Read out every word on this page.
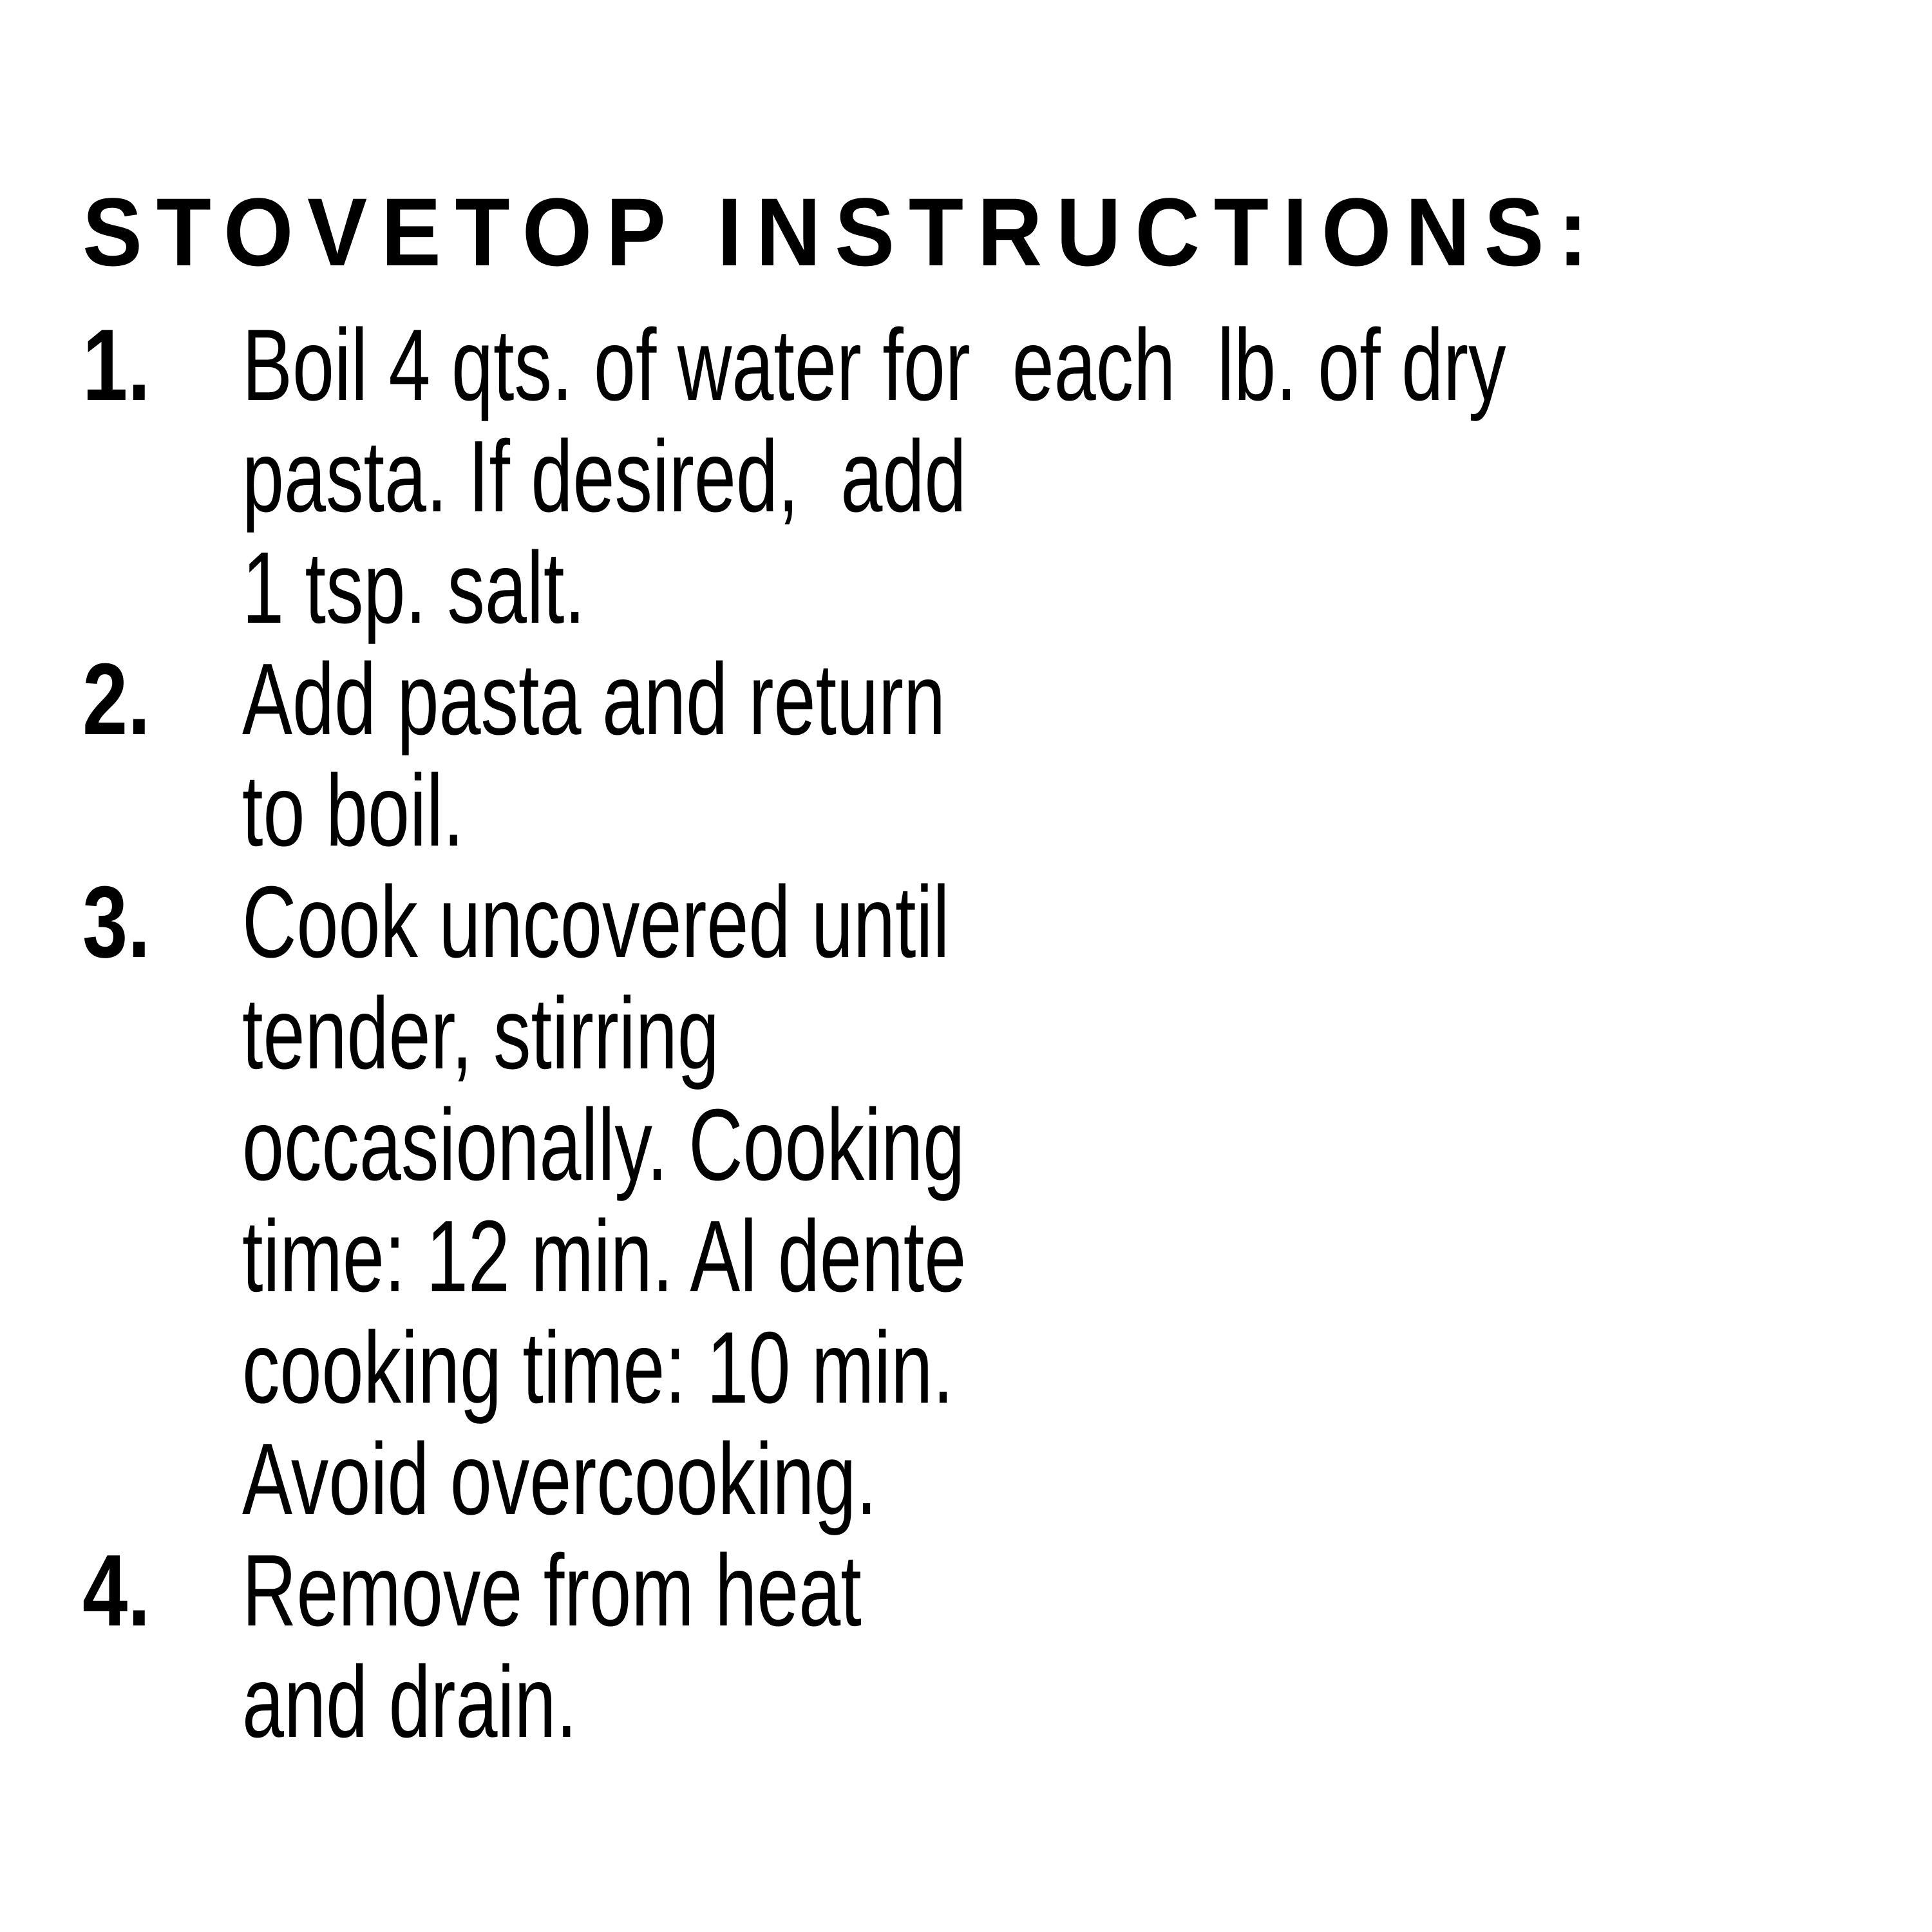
STOVETOP INSTRUCTIONS:
1. Boil 4 qts. of water for  each  lb. of dry
pasta. If desired,  add
1 tsp. salt.
2. Add pasta and return
to boil.
3. Cook uncovered until
tender, stirring
occasionally. Cooking
time: 12 min. Al dente
cooking time: 10 min.
Avoid overcooking.
4. Remove from heat
and drain.
